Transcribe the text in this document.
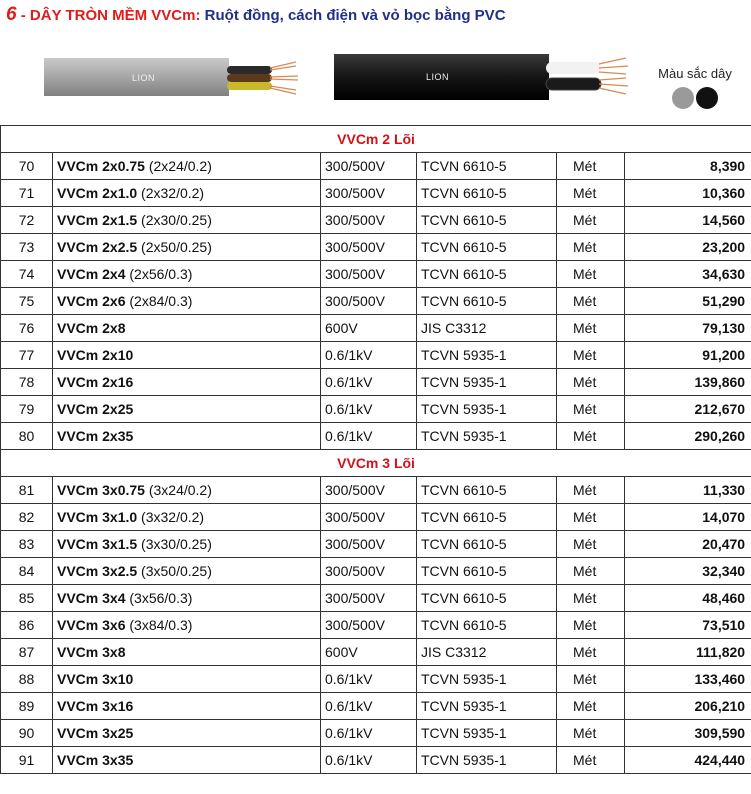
6 - DÂY TRÒN MỀM VVCm: Ruột đồng, cách điện và vỏ bọc bằng PVC
LION	LION	Màu sắc dây
VVCm 2 Lõi					
70	VVCm 2x0.75 (2x24/0.2)	300/500V	TCVN 6610-5	Mét	8,390
71	VVCm 2x1.0 (2x32/0.2)	300/500V	TCVN 6610-5	Mét	10,360
72	VVCm 2x1.5 (2x30/0.25)	300/500V	TCVN 6610-5	Mét	14,560
73	VVCm 2x2.5 (2x50/0.25)	300/500V	TCVN 6610-5	Mét	23,200
74	VVCm 2x4 (2x56/0.3)	300/500V	TCVN 6610-5	Mét	34,630
75	VVCm 2x6 (2x84/0.3)	300/500V	TCVN 6610-5	Mét	51,290
76	VVCm 2x8	600V	JIS C3312	Mét	79,130
77	VVCm 2x10	0.6/1kV	TCVN 5935-1	Mét	91,200
78	VVCm 2x16	0.6/1kV	TCVN 5935-1	Mét	139,860
79	VVCm 2x25	0.6/1kV	TCVN 5935-1	Mét	212,670
80	VVCm 2x35	0.6/1kV	TCVN 5935-1	Mét	290,260
VVCm 3 Lõi					
81	VVCm 3x0.75 (3x24/0.2)	300/500V	TCVN 6610-5	Mét	11,330
82	VVCm 3x1.0 (3x32/0.2)	300/500V	TCVN 6610-5	Mét	14,070
83	VVCm 3x1.5 (3x30/0.25)	300/500V	TCVN 6610-5	Mét	20,470
84	VVCm 3x2.5 (3x50/0.25)	300/500V	TCVN 6610-5	Mét	32,340
85	VVCm 3x4 (3x56/0.3)	300/500V	TCVN 6610-5	Mét	48,460
86	VVCm 3x6 (3x84/0.3)	300/500V	TCVN 6610-5	Mét	73,510
87	VVCm 3x8	600V	JIS C3312	Mét	111,820
88	VVCm 3x10	0.6/1kV	TCVN 5935-1	Mét	133,460
89	VVCm 3x16	0.6/1kV	TCVN 5935-1	Mét	206,210
90	VVCm 3x25	0.6/1kV	TCVN 5935-1	Mét	309,590
91	VVCm 3x35	0.6/1kV	TCVN 5935-1	Mét	424,440
